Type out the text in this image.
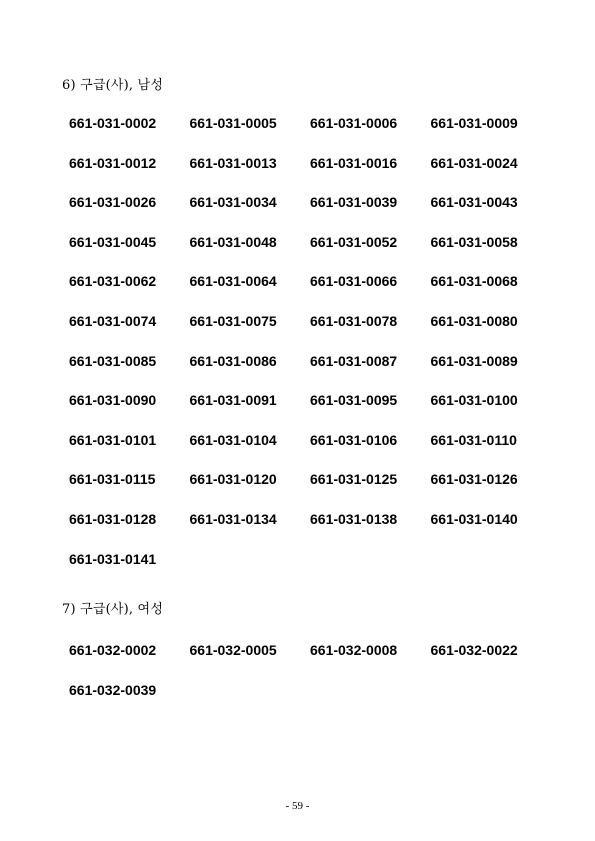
6) 구급(사), 남성
661-031-0002	661-031-0005	661-031-0006	661-031-0009
661-031-0012	661-031-0013	661-031-0016	661-031-0024
661-031-0026	661-031-0034	661-031-0039	661-031-0043
661-031-0045	661-031-0048	661-031-0052	661-031-0058
661-031-0062	661-031-0064	661-031-0066	661-031-0068
661-031-0074	661-031-0075	661-031-0078	661-031-0080
661-031-0085	661-031-0086	661-031-0087	661-031-0089
661-031-0090	661-031-0091	661-031-0095	661-031-0100
661-031-0101	661-031-0104	661-031-0106	661-031-0110
661-031-0115	661-031-0120	661-031-0125	661-031-0126
661-031-0128	661-031-0134	661-031-0138	661-031-0140
661-031-0141
7) 구급(사), 여성
661-032-0002	661-032-0005	661-032-0008	661-032-0022
661-032-0039
- 59 -
